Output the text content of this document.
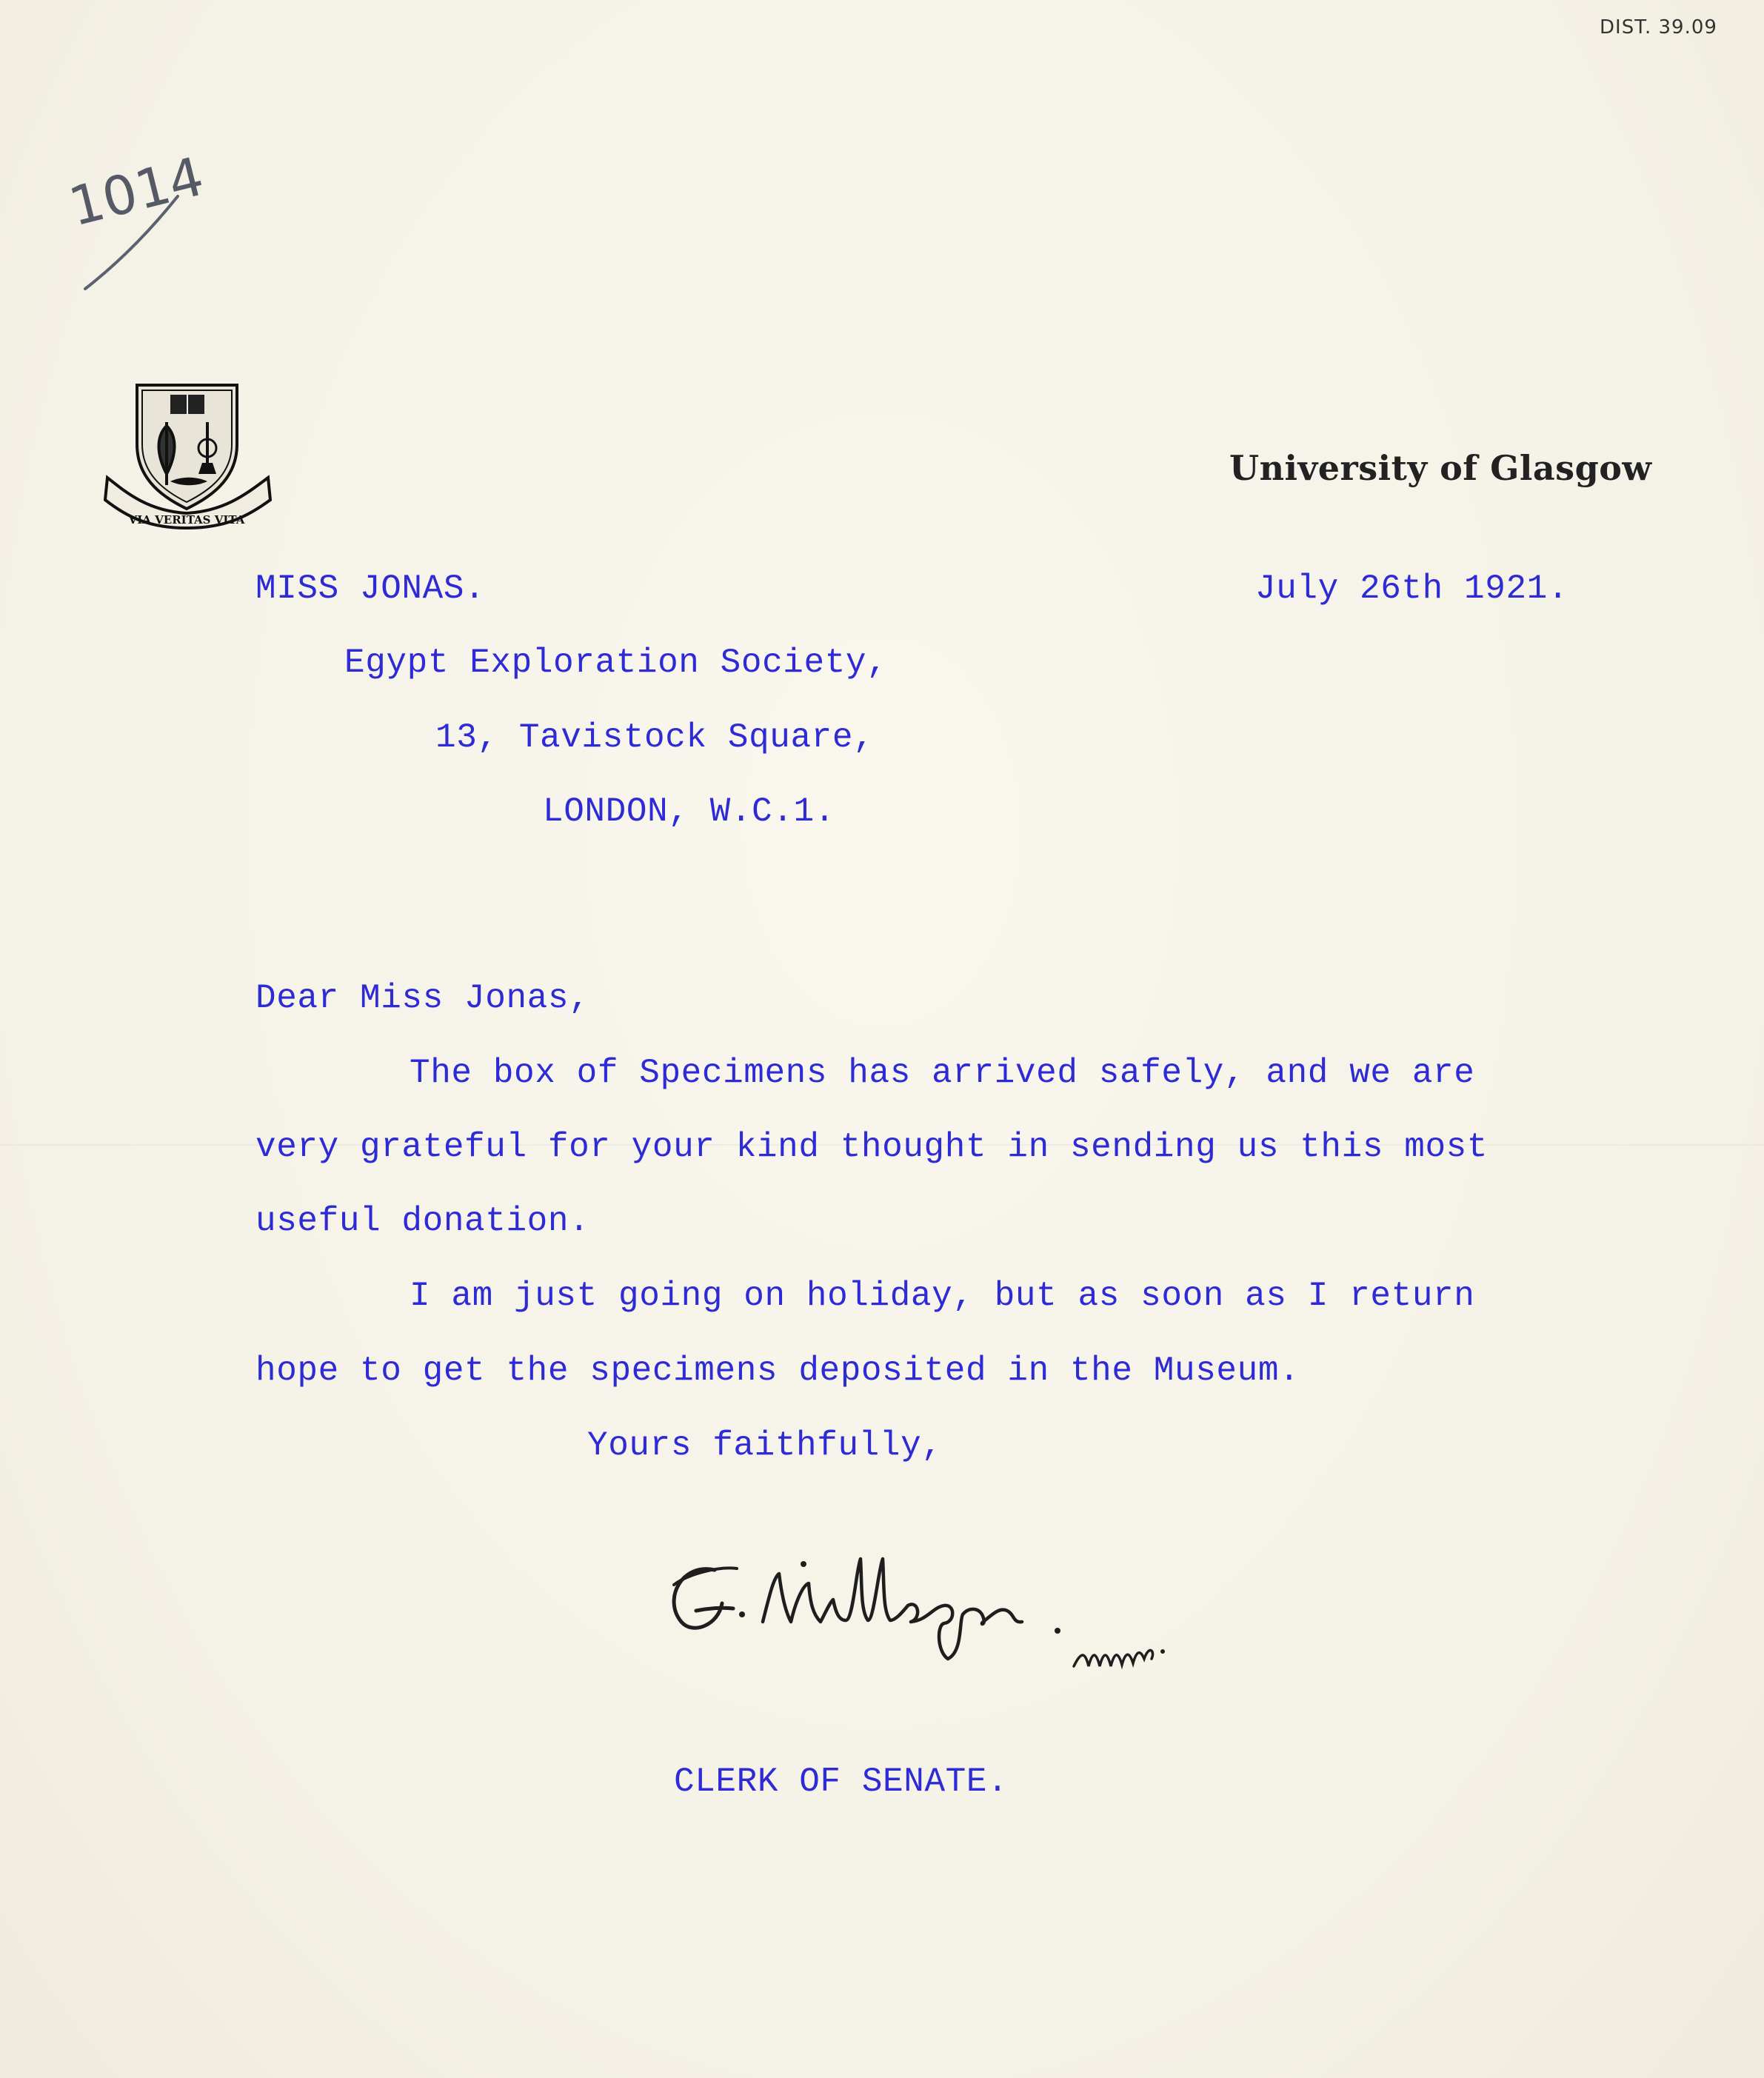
DIST. 39.09
1014
VIA VERITAS VITA
University of Glasgow
MISS JONAS.	July 26th 1921.
Egypt Exploration Society,
13, Tavistock Square,
LONDON, W.C.1.
Dear Miss Jonas,
The box of Specimens has arrived safely, and we are
very grateful for your kind thought in sending us this most
useful donation.
I am just going on holiday, but as soon as I return
hope to get the specimens deposited in the Museum.
Yours faithfully,
CLERK OF SENATE.
